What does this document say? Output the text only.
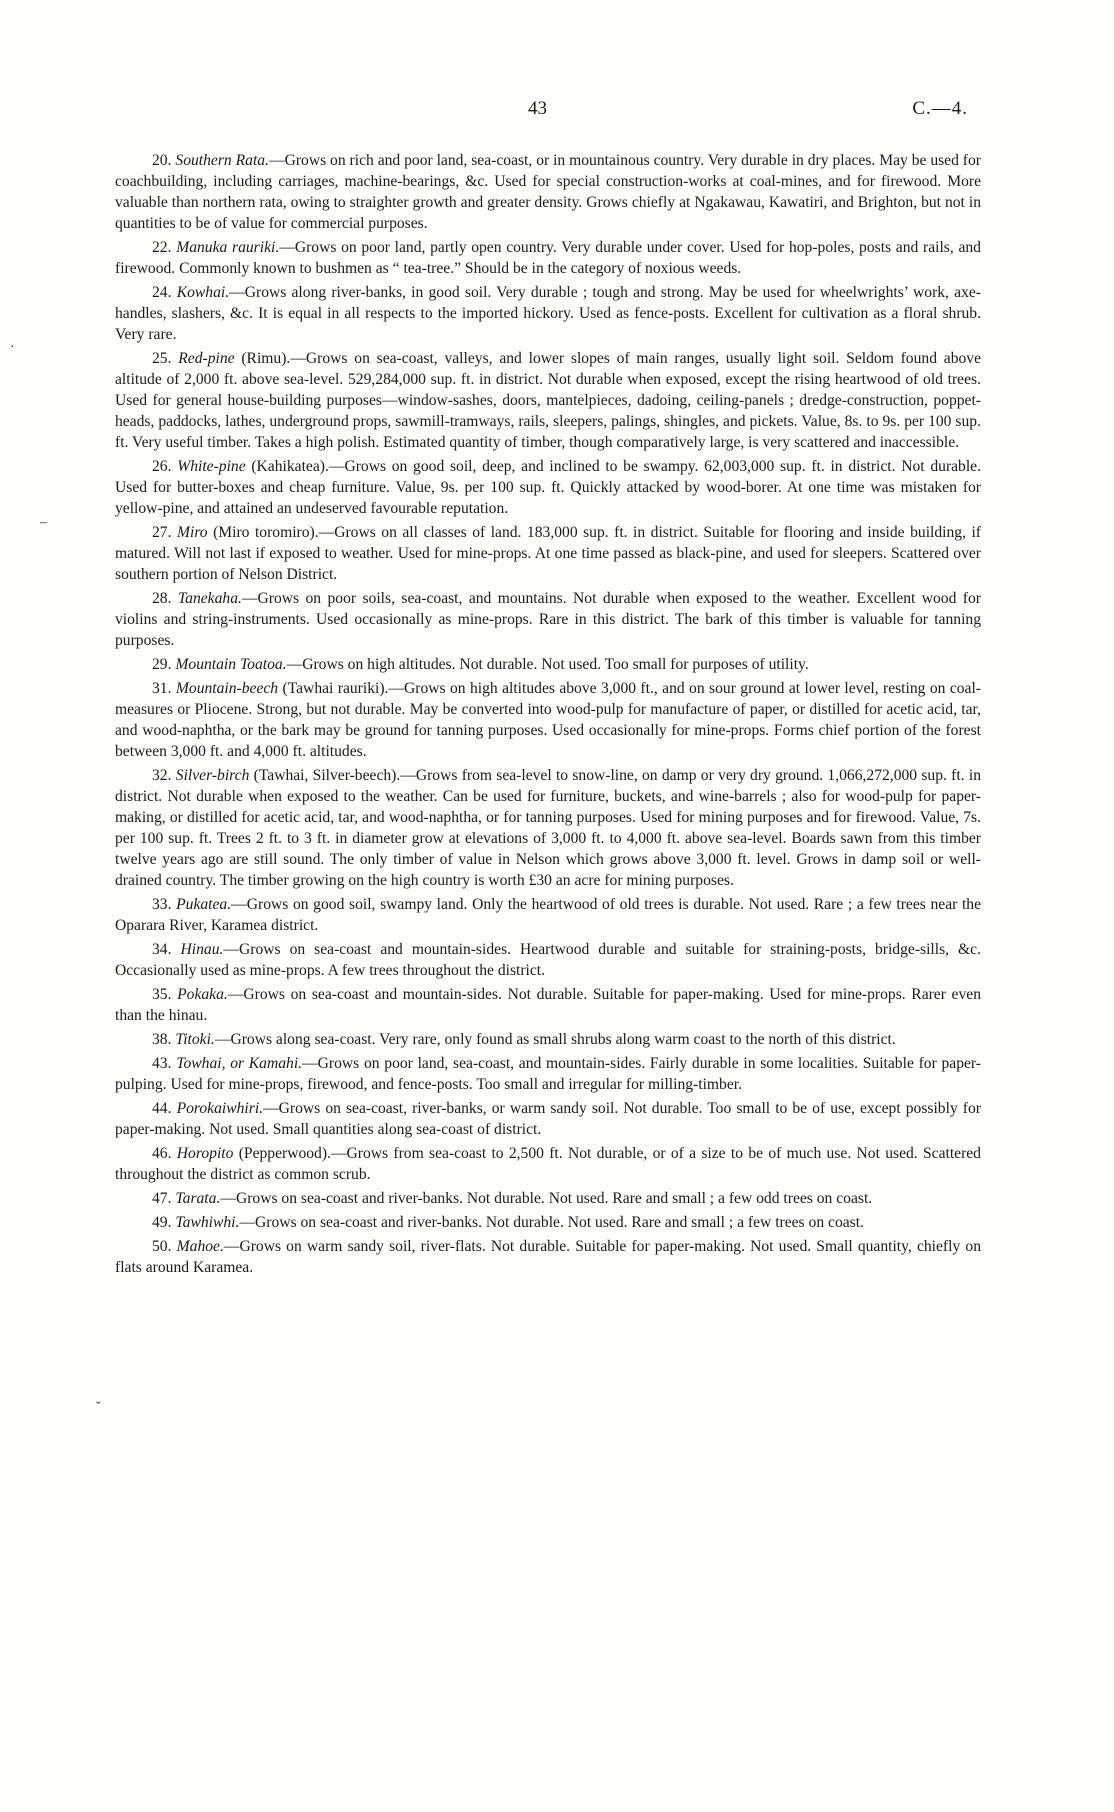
43	C.—4.
·
–
˘

20. Southern Rata.—Grows on rich and poor land, sea-coast, or in mountainous country. Very durable in dry places. May be used for coachbuilding, including carriages, machine-bearings, &c. Used for special construction-works at coal-mines, and for firewood. More valuable than northern rata, owing to straighter growth and greater density. Grows chiefly at Ngakawau, Kawatiri, and Brighton, but not in quantities to be of value for commercial purposes.

22. Manuka rauriki.—Grows on poor land, partly open country. Very durable under cover. Used for hop-poles, posts and rails, and firewood. Commonly known to bushmen as “ tea-tree.” Should be in the category of noxious weeds.

24. Kowhai.—Grows along river-banks, in good soil. Very durable ; tough and strong. May be used for wheelwrights’ work, axe-handles, slashers, &c. It is equal in all respects to the imported hickory. Used as fence-posts. Excellent for cultivation as a floral shrub. Very rare.

25. Red-pine (Rimu).—Grows on sea-coast, valleys, and lower slopes of main ranges, usually light soil. Seldom found above altitude of 2,000 ft. above sea-level. 529,284,000 sup. ft. in district. Not durable when exposed, except the rising heartwood of old trees. Used for general house-building purposes—window-sashes, doors, mantelpieces, dadoing, ceiling-panels ; dredge-construction, poppet-heads, paddocks, lathes, underground props, sawmill-tramways, rails, sleepers, palings, shingles, and pickets. Value, 8s. to 9s. per 100 sup. ft. Very useful timber. Takes a high polish. Estimated quantity of timber, though comparatively large, is very scattered and inaccessible.

26. White-pine (Kahikatea).—Grows on good soil, deep, and inclined to be swampy. 62,003,000 sup. ft. in district. Not durable. Used for butter-boxes and cheap furniture. Value, 9s. per 100 sup. ft. Quickly attacked by wood-borer. At one time was mistaken for yellow-pine, and attained an undeserved favourable reputation.

27. Miro (Miro toromiro).—Grows on all classes of land. 183,000 sup. ft. in district. Suitable for flooring and inside building, if matured. Will not last if exposed to weather. Used for mine-props. At one time passed as black-pine, and used for sleepers. Scattered over southern portion of Nelson District.

28. Tanekaha.—Grows on poor soils, sea-coast, and mountains. Not durable when exposed to the weather. Excellent wood for violins and string-instruments. Used occasionally as mine-props. Rare in this district. The bark of this timber is valuable for tanning purposes.

29. Mountain Toatoa.—Grows on high altitudes. Not durable. Not used. Too small for purposes of utility.

31. Mountain-beech (Tawhai rauriki).—Grows on high altitudes above 3,000 ft., and on sour ground at lower level, resting on coal-measures or Pliocene. Strong, but not durable. May be converted into wood-pulp for manufacture of paper, or distilled for acetic acid, tar, and wood-naphtha, or the bark may be ground for tanning purposes. Used occasionally for mine-props. Forms chief portion of the forest between 3,000 ft. and 4,000 ft. altitudes.

32. Silver-birch (Tawhai, Silver-beech).—Grows from sea-level to snow-line, on damp or very dry ground. 1,066,272,000 sup. ft. in district. Not durable when exposed to the weather. Can be used for furniture, buckets, and wine-barrels ; also for wood-pulp for paper-making, or distilled for acetic acid, tar, and wood-naphtha, or for tanning purposes. Used for mining purposes and for firewood. Value, 7s. per 100 sup. ft. Trees 2 ft. to 3 ft. in diameter grow at elevations of 3,000 ft. to 4,000 ft. above sea-level. Boards sawn from this timber twelve years ago are still sound. The only timber of value in Nelson which grows above 3,000 ft. level. Grows in damp soil or well-drained country. The timber growing on the high country is worth £30 an acre for mining purposes.

33. Pukatea.—Grows on good soil, swampy land. Only the heartwood of old trees is durable. Not used. Rare ; a few trees near the Oparara River, Karamea district.

34. Hinau.—Grows on sea-coast and mountain-sides. Heartwood durable and suitable for straining-posts, bridge-sills, &c. Occasionally used as mine-props. A few trees throughout the district.

35. Pokaka.—Grows on sea-coast and mountain-sides. Not durable. Suitable for paper-making. Used for mine-props. Rarer even than the hinau.

38. Titoki.—Grows along sea-coast. Very rare, only found as small shrubs along warm coast to the north of this district.

43. Towhai, or Kamahi.—Grows on poor land, sea-coast, and mountain-sides. Fairly durable in some localities. Suitable for paper-pulping. Used for mine-props, firewood, and fence-posts. Too small and irregular for milling-timber.

44. Porokaiwhiri.—Grows on sea-coast, river-banks, or warm sandy soil. Not durable. Too small to be of use, except possibly for paper-making. Not used. Small quantities along sea-coast of district.

46. Horopito (Pepperwood).—Grows from sea-coast to 2,500 ft. Not durable, or of a size to be of much use. Not used. Scattered throughout the district as common scrub.

47. Tarata.—Grows on sea-coast and river-banks. Not durable. Not used. Rare and small ; a few odd trees on coast.

49. Tawhiwhi.—Grows on sea-coast and river-banks. Not durable. Not used. Rare and small ; a few trees on coast.

50. Mahoe.—Grows on warm sandy soil, river-flats. Not durable. Suitable for paper-making. Not used. Small quantity, chiefly on flats around Karamea.
